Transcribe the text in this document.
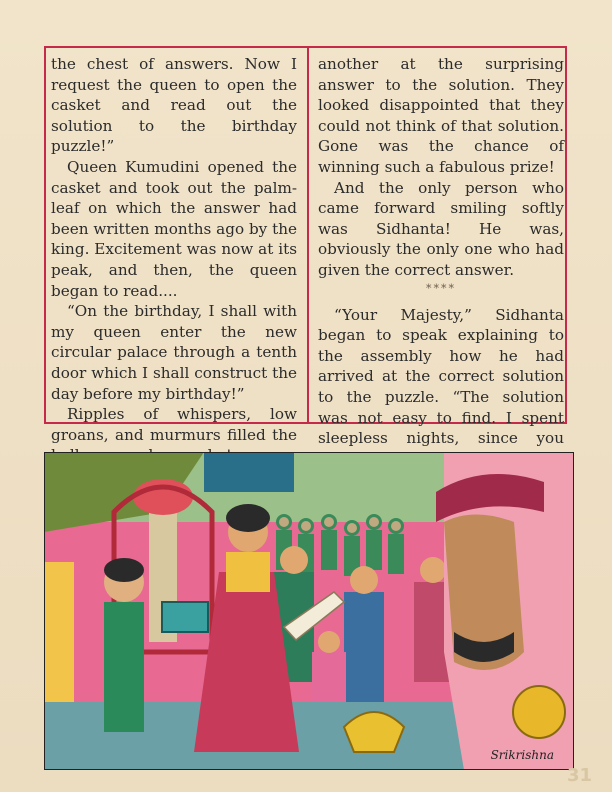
the chest of answers. Now I request the queen to open the casket and read out the solution to the birthday puzzle!”

Queen Kumudini opened the casket and took out the palm-leaf on which the answer had been written months ago by the king. Excitement was now at its peak, and then, the queen began to read....

“On the birthday, I shall with my queen enter the new circular palace through a tenth door which I shall construct the day before my birthday!”

Ripples of whispers, low groans, and murmurs filled the

another at the surprising answer to the solution. They looked disappointed that they could not think of that solution. Gone was the chance of winning such a fabulous prize!

And the only person who came forward smiling softly was Sidhanta! He was, obviously the only one who had given the correct answer.

****

“Your Majesty,” Sidhanta began to speak explaining to the assembly how he had arrived at the correct solution to the puzzle. “The solution was not easy to find. I spent sleepless nights, since you

Srikrishna
31
